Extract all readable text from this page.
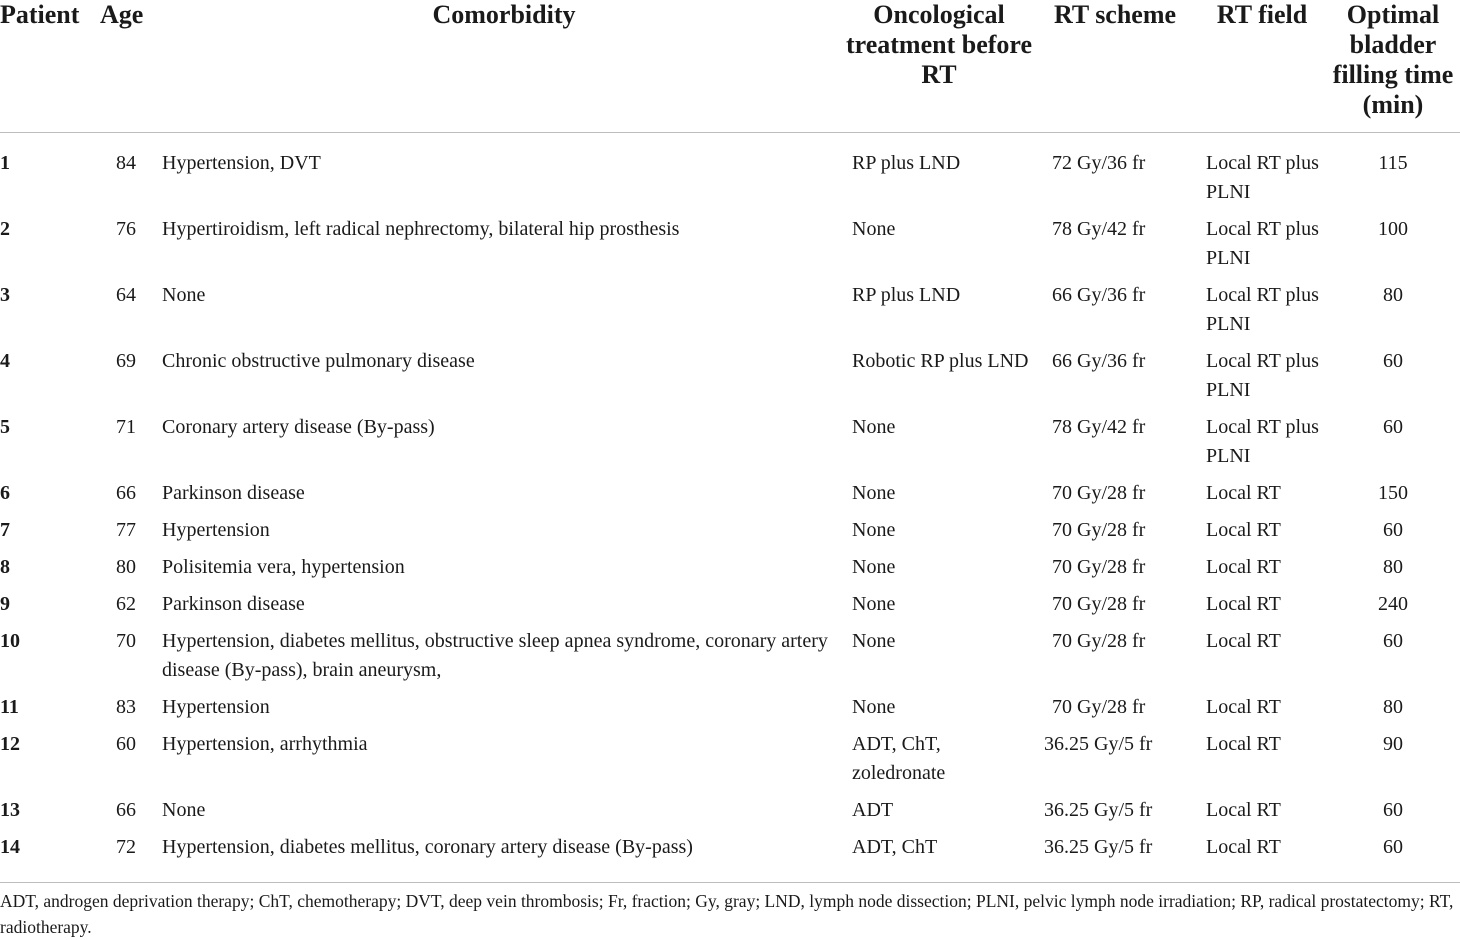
Patient	Age	Comorbidity	Oncological treatment before RT	RT scheme	RT field	Optimal bladder filling time (min)
1	84	Hypertension, DVT	RP plus LND	72 Gy/36 fr	Local RT plus PLNI	115
2	76	Hypertiroidism, left radical nephrectomy, bilateral hip prosthesis	None	78 Gy/42 fr	Local RT plus PLNI	100
3	64	None	RP plus LND	66 Gy/36 fr	Local RT plus PLNI	80
4	69	Chronic obstructive pulmonary disease	Robotic RP plus LND	66 Gy/36 fr	Local RT plus PLNI	60
5	71	Coronary artery disease (By-pass)	None	78 Gy/42 fr	Local RT plus PLNI	60
6	66	Parkinson disease	None	70 Gy/28 fr	Local RT	150
7	77	Hypertension	None	70 Gy/28 fr	Local RT	60
8	80	Polisitemia vera, hypertension	None	70 Gy/28 fr	Local RT	80
9	62	Parkinson disease	None	70 Gy/28 fr	Local RT	240
10	70	Hypertension, diabetes mellitus, obstructive sleep apnea syndrome, coronary artery disease (By-pass), brain aneurysm,	None	70 Gy/28 fr	Local RT	60
11	83	Hypertension	None	70 Gy/28 fr	Local RT	80
12	60	Hypertension, arrhythmia	ADT, ChT, zoledronate	36.25 Gy/5 fr	Local RT	90
13	66	None	ADT	36.25 Gy/5 fr	Local RT	60
14	72	Hypertension, diabetes mellitus, coronary artery disease (By-pass)	ADT, ChT	36.25 Gy/5 fr	Local RT	60

ADT, androgen deprivation therapy; ChT, chemotherapy; DVT, deep vein thrombosis; Fr, fraction; Gy, gray; LND, lymph node dissection; PLNI, pelvic lymph node irradiation; RP, radical prostatectomy; RT, radiotherapy.
